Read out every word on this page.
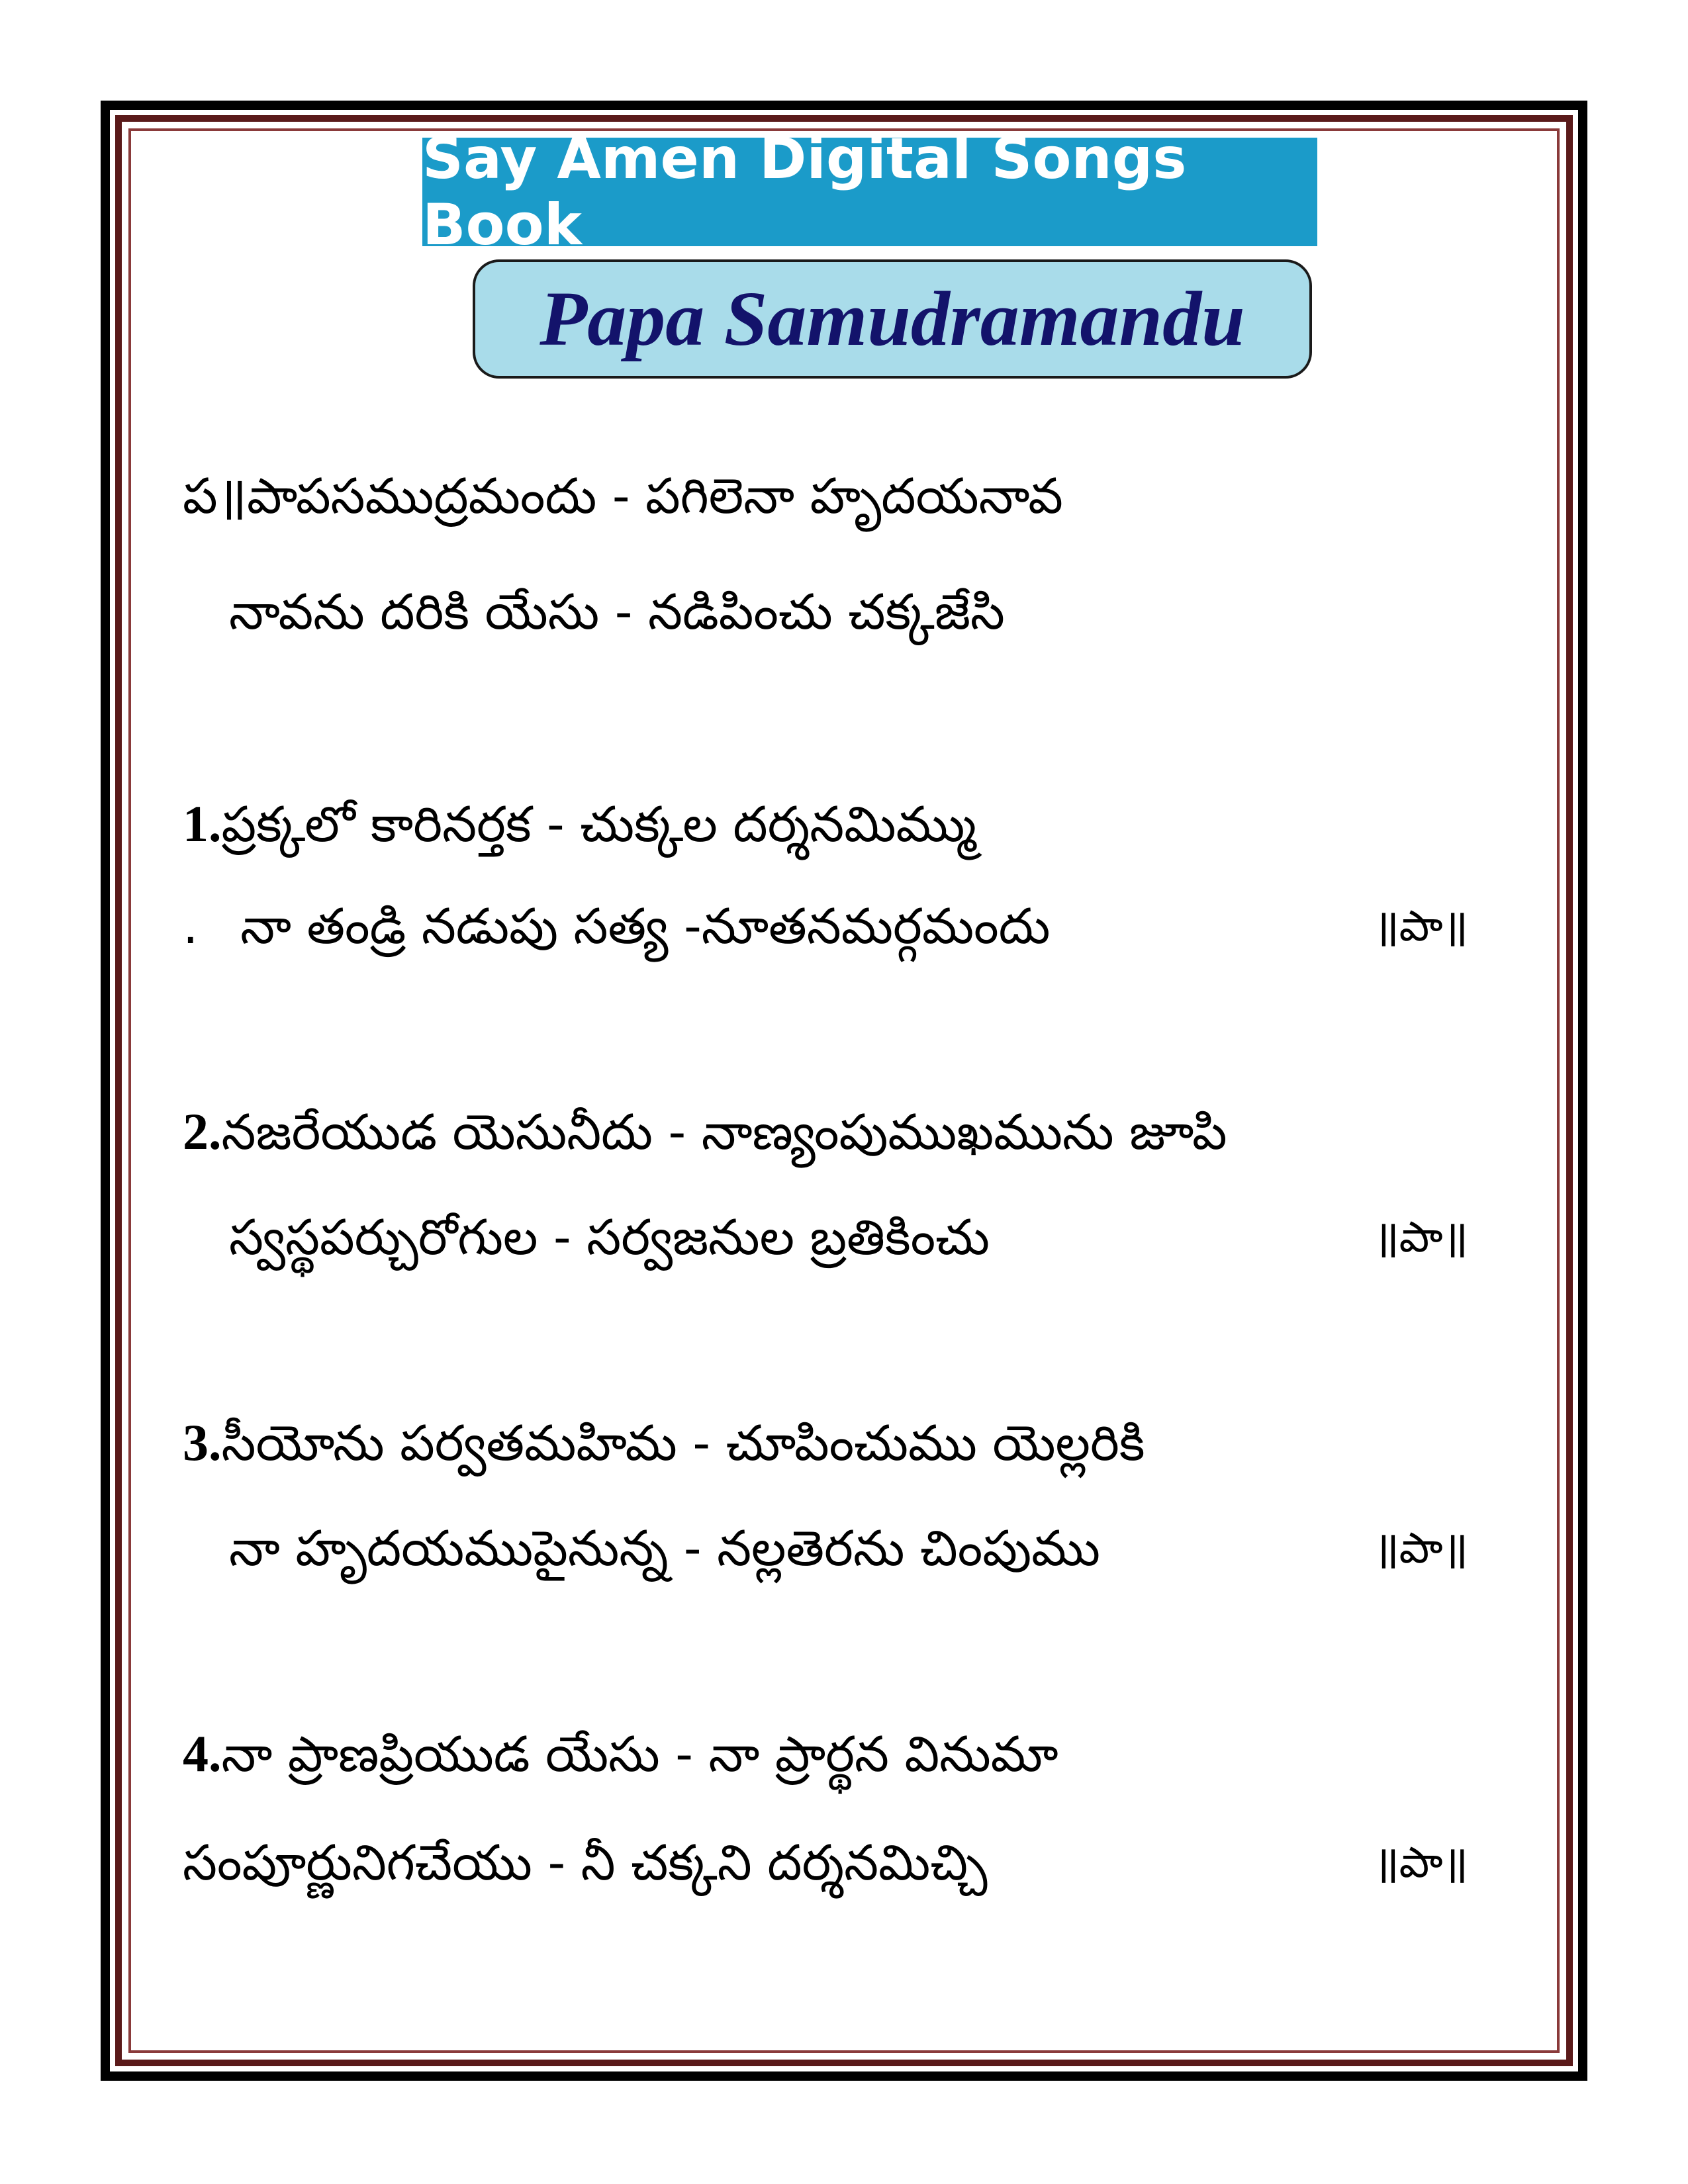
Say Amen Digital Songs Book
Papa Samudramandu
ప॥పాపసముద్రమందు - పగిలెనా హృదయనావ
నావను దరికి యేసు - నడిపించు చక్కజేసి
1.ప్రక్కలో కారినర్తక - చుక్కల దర్శనమిమ్ము
. నా తండ్రి నడుపు సత్య -నూతనమర్గమందు	॥పా॥
2.నజరేయుడ యెసునీదు - నాణ్యంపుముఖమును జూపి
స్వస్థపర్చురోగుల - సర్వజనుల బ్రతికించు	॥పా॥
3.సీయోను పర్వతమహిమ - చూపించుము యెల్లరికి
నా హృదయముపైనున్న - నల్లతెరను చింపుము	॥పా॥
4.నా ప్రాణప్రియుడ యేసు - నా ప్రార్థన వినుమా
సంపూర్ణునిగచేయు - నీ చక్కని దర్శనమిచ్చి	॥పా॥
